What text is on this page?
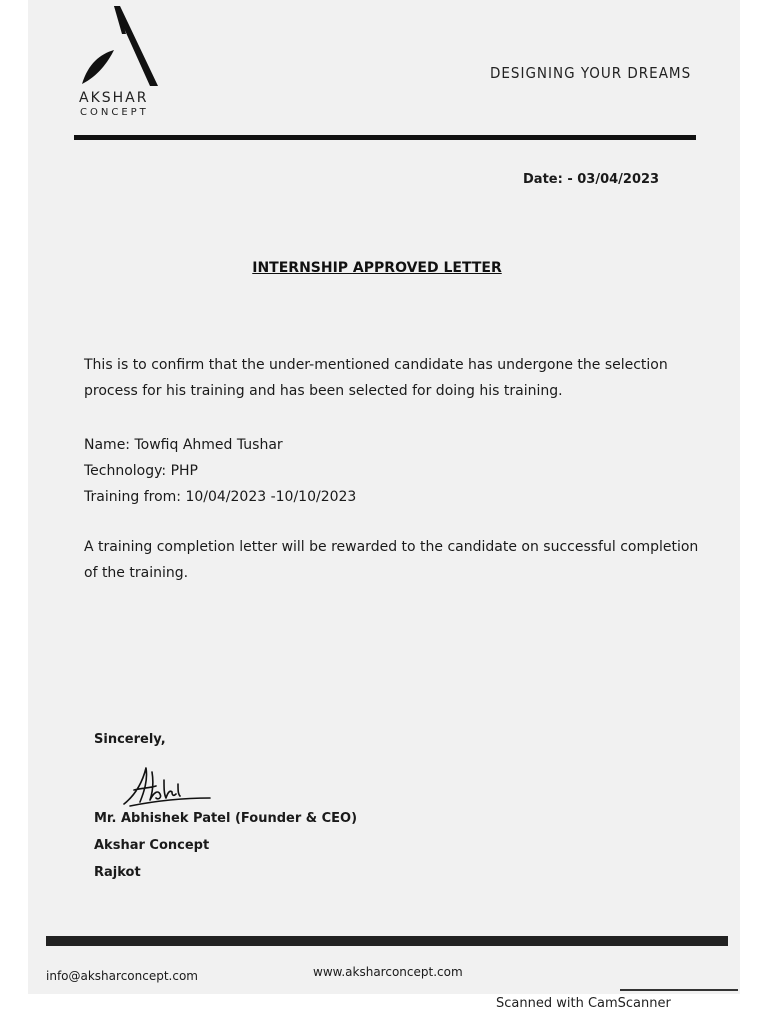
AKSHAR
CONCEPT
DESIGNING YOUR DREAMS
Date: - 03/04/2023
INTERNSHIP APPROVED LETTER
This is to confirm that the under-mentioned candidate has undergone the selection process for his training and has been selected for doing his training.
Name: Towfiq Ahmed Tushar
Technology: PHP
Training from: 10/04/2023 -10/10/2023
A training completion letter will be rewarded to the candidate on successful completion of the training.
Sincerely,
Mr. Abhishek Patel (Founder & CEO)
Akshar Concept
Rajkot
info@aksharconcept.com	www.aksharconcept.com
Scanned with CamScanner
